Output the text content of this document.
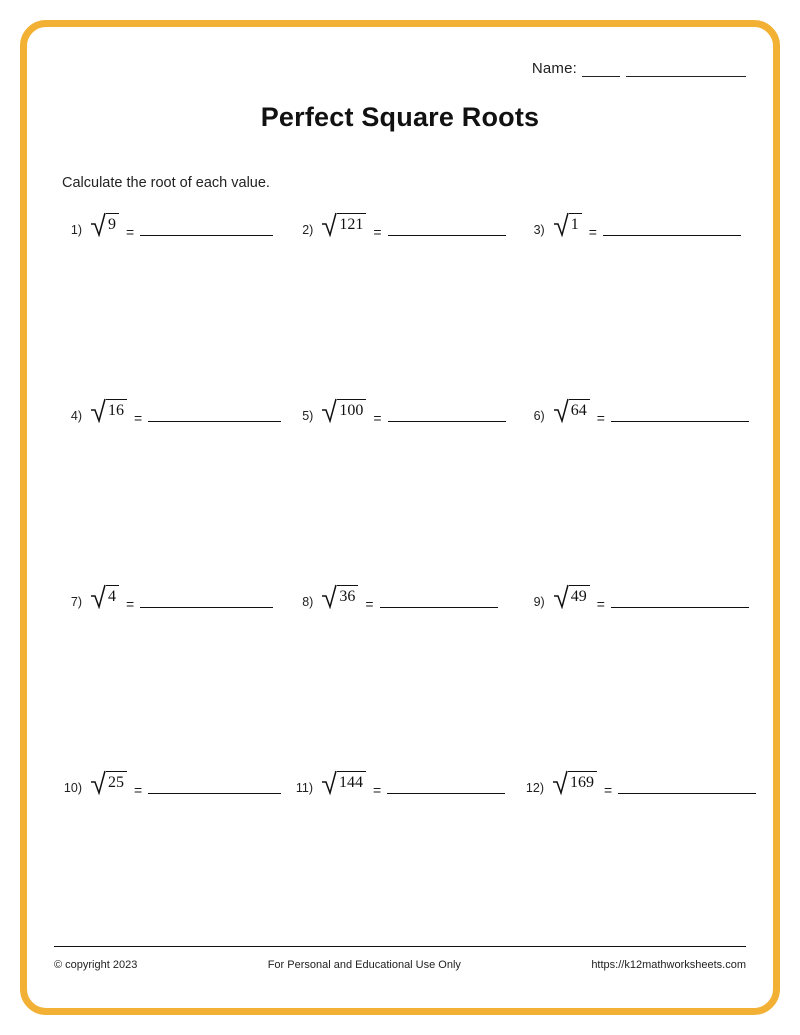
Name:
Perfect Square Roots
Calculate the root of each value.
1) 9 =	2) 121 =	3) 1 =
4) 16 =	5) 100 =	6) 64 =
7) 4 =	8) 36 =	9) 49 =
10) 25 =	11) 144 =	12) 169 =
© copyright 2023	For Personal and Educational Use Only	https://k12mathworksheets.com
